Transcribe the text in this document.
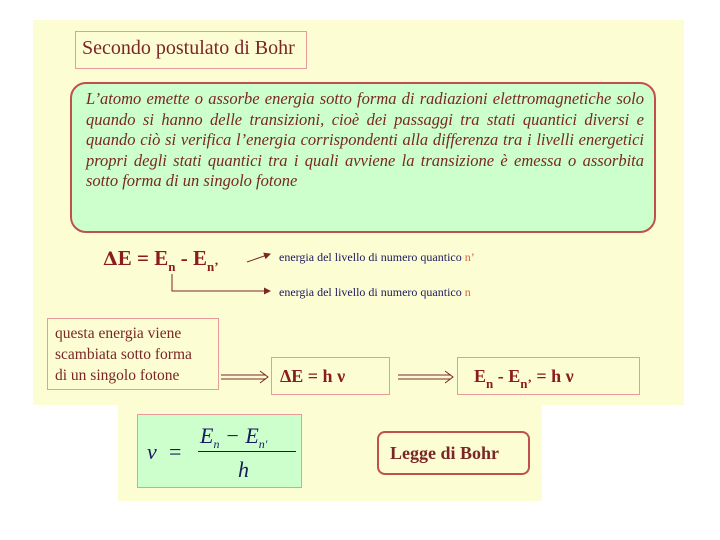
Secondo postulato di Bohr
L’atomo emette o assorbe energia sotto forma di radiazioni elettromagnetiche solo quando si hanno delle transizioni, cioè dei passaggi tra stati quantici diversi e quando ciò si verifica l’energia corrispondenti alla differenza tra i livelli energetici propri degli stati quantici tra i quali avviene la transizione è emessa o assorbita sotto forma di un singolo fotone
$\Delta E = E_n - E_{n’}$
energia del livello di numero quantico n’
energia del livello di numero quantico n
questa energia viene
scambiata sotto forma
di un singolo fotone	ΔE = h ν	$E_n - E_{n’} = h$ ν
ν =
$E_n - E_{n'}$
h
Legge di Bohr
